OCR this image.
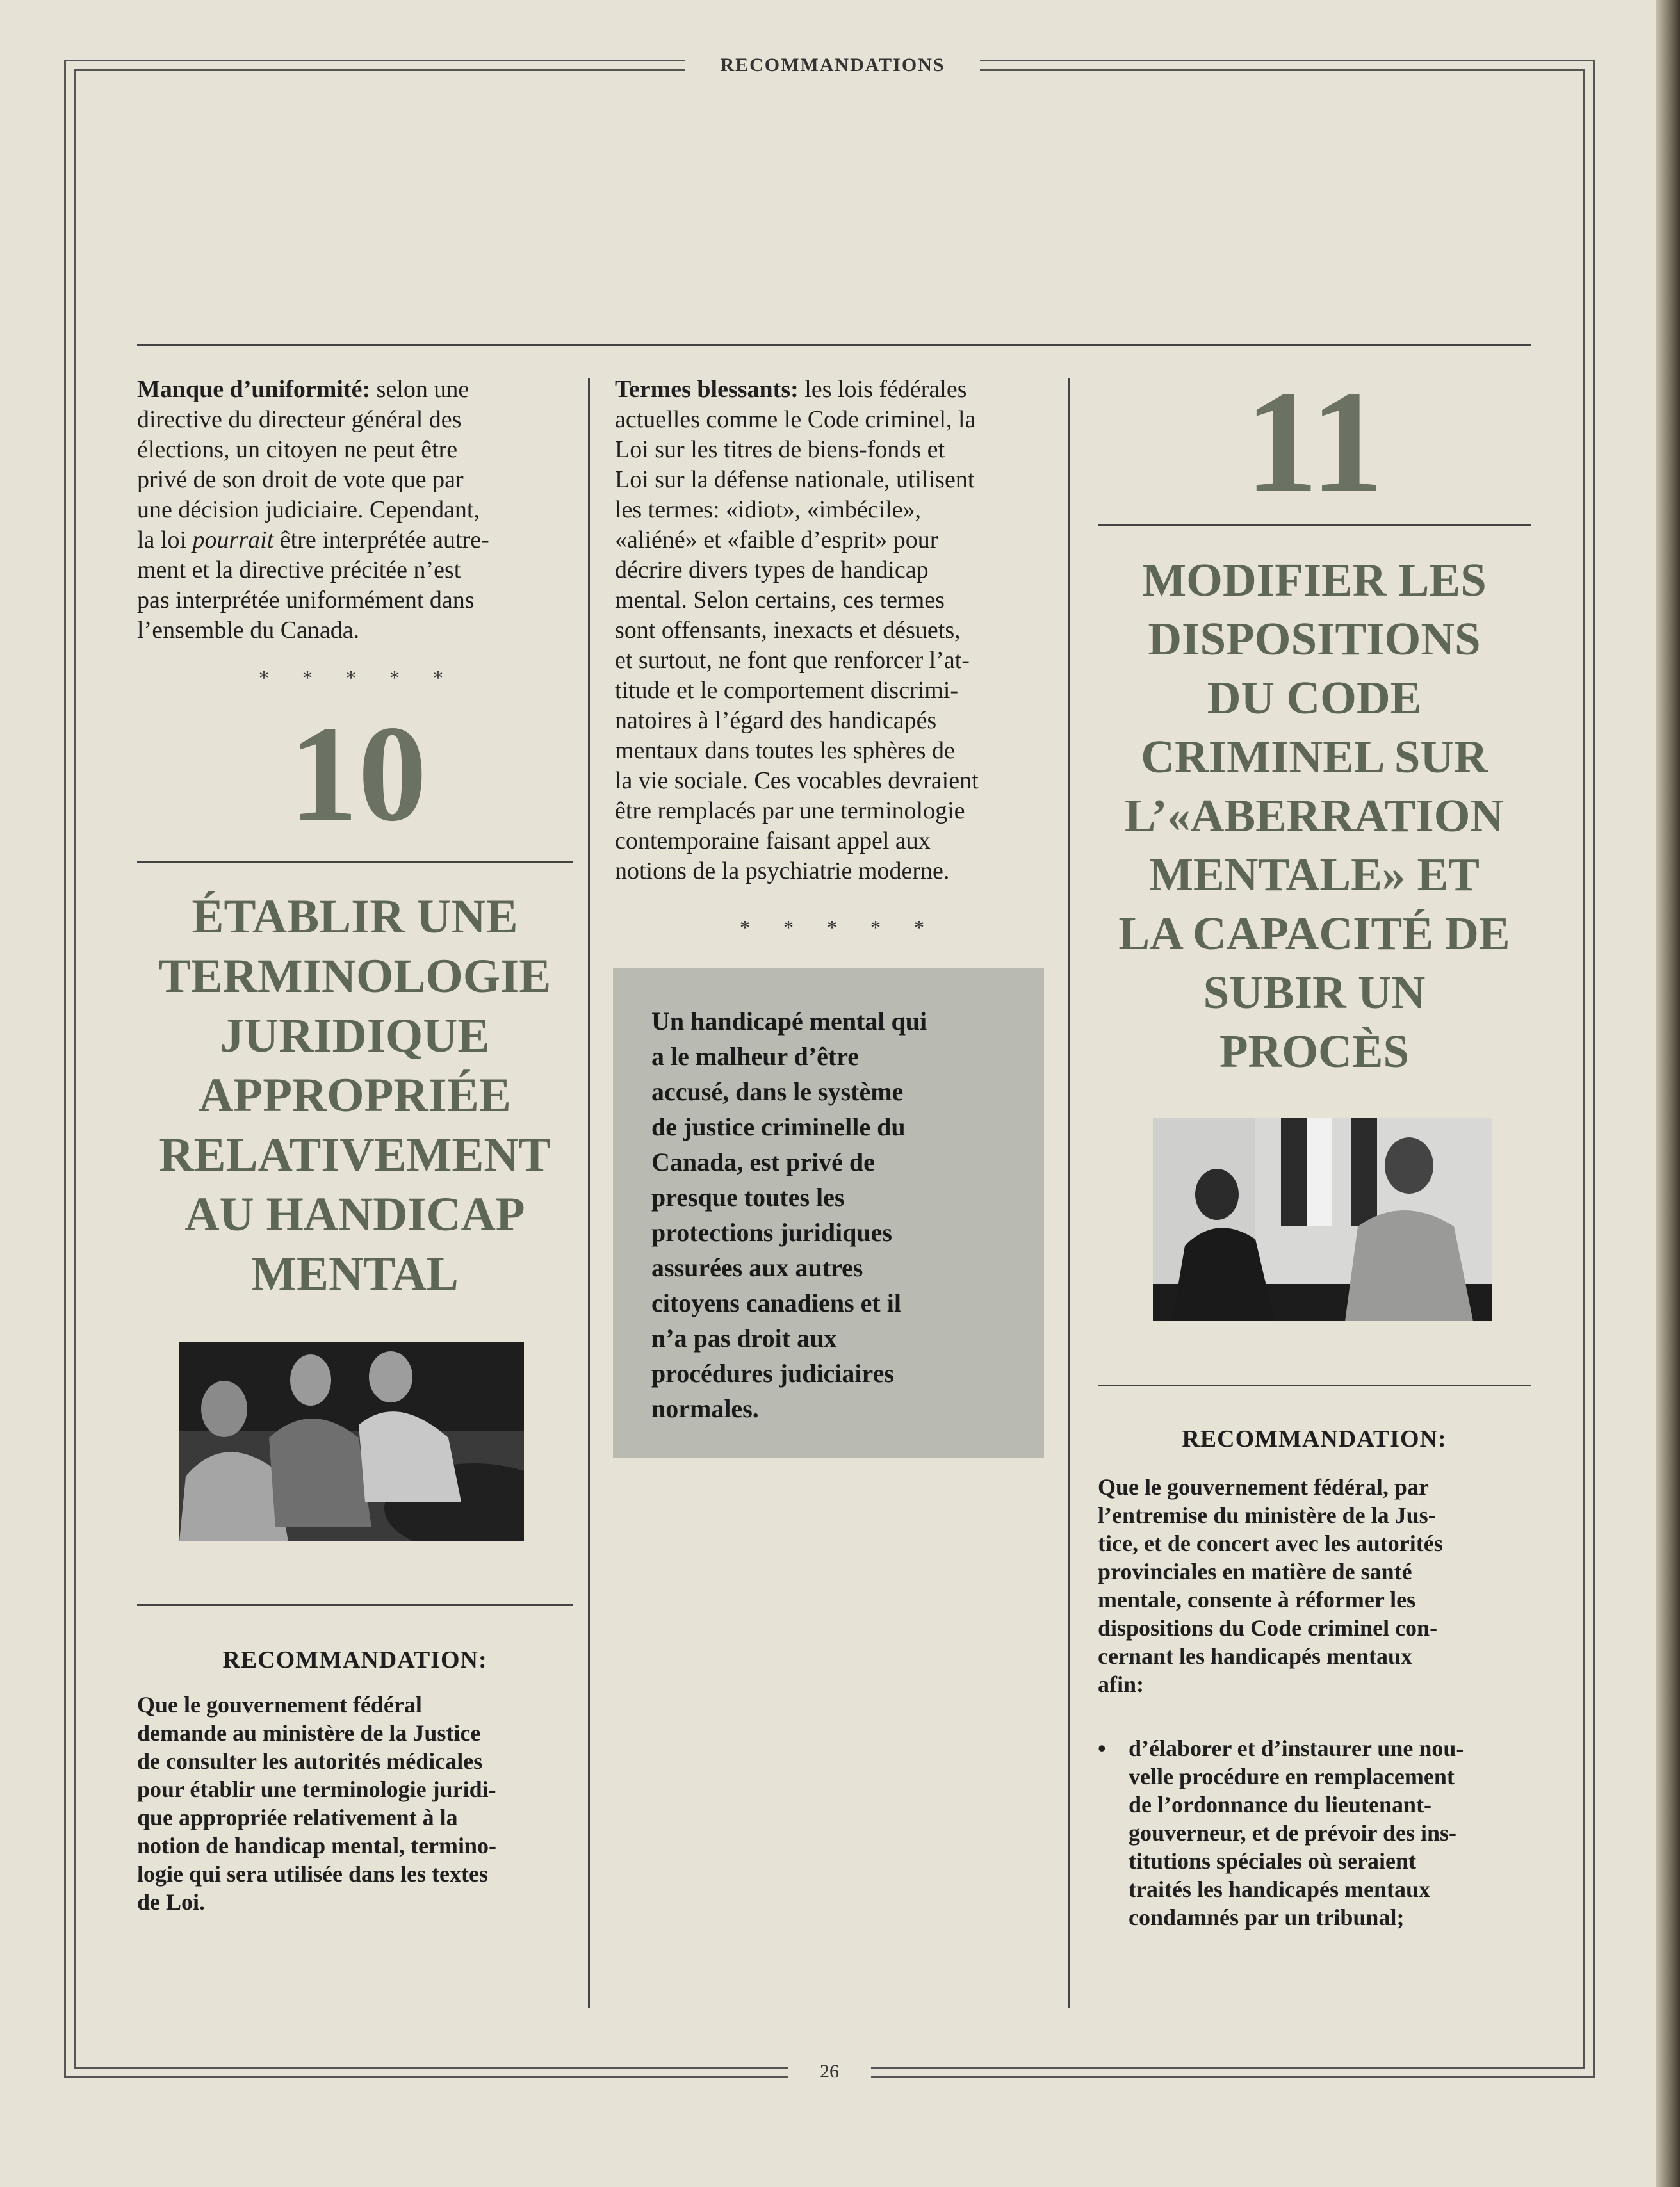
RECOMMANDATIONS
26
Manque d’uniformité: selon une
directive du directeur général des
élections, un citoyen ne peut être
privé de son droit de vote que par
une décision judiciaire. Cependant,
la loi pourrait être interprétée autre-
ment et la directive précitée n’est
pas interprétée uniformément dans
l’ensemble du Canada.
* * * * *
10
ÉTABLIR UNE
TERMINOLOGIE
JURIDIQUE
APPROPRIÉE
RELATIVEMENT
AU HANDICAP
MENTAL
RECOMMANDATION:
Que le gouvernement fédéral
demande au ministère de la Justice
de consulter les autorités médicales
pour établir une terminologie juridi-
que appropriée relativement à la
notion de handicap mental, termino-
logie qui sera utilisée dans les textes
de Loi.
Termes blessants: les lois fédérales
actuelles comme le Code criminel, la
Loi sur les titres de biens-fonds et
Loi sur la défense nationale, utilisent
les termes: «idiot», «imbécile»,
«aliéné» et «faible d’esprit» pour
décrire divers types de handicap
mental. Selon certains, ces termes
sont offensants, inexacts et désuets,
et surtout, ne font que renforcer l’at-
titude et le comportement discrimi-
natoires à l’égard des handicapés
mentaux dans toutes les sphères de
la vie sociale. Ces vocables devraient
être remplacés par une terminologie
contemporaine faisant appel aux
notions de la psychiatrie moderne.
* * * * *
Un handicapé mental qui
a le malheur d’être
accusé, dans le système
de justice criminelle du
Canada, est privé de
presque toutes les
protections juridiques
assurées aux autres
citoyens canadiens et il
n’a pas droit aux
procédures judiciaires
normales.
11
MODIFIER LES
DISPOSITIONS
DU CODE
CRIMINEL SUR
L’«ABERRATION
MENTALE» ET
LA CAPACITÉ DE
SUBIR UN
PROCÈS
RECOMMANDATION:
Que le gouvernement fédéral, par
l’entremise du ministère de la Jus-
tice, et de concert avec les autorités
provinciales en matière de santé
mentale, consente à réformer les
dispositions du Code criminel con-
cernant les handicapés mentaux
afin:
• d’élaborer et d’instaurer une nou-
velle procédure en remplacement
de l’ordonnance du lieutenant-
gouverneur, et de prévoir des ins-
titutions spéciales où seraient
traités les handicapés mentaux
condamnés par un tribunal;
